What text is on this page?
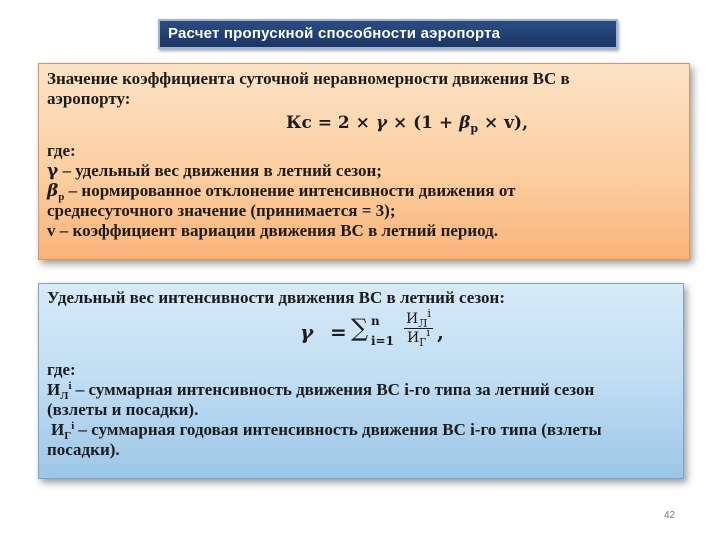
Расчет пропускной способности аэропорта
Значение коэффициента суточной неравномерности движения ВС в
аэропорту:
Кс = $2 \times \gamma \times (1 + \beta_p \times v)$,
где:
γ – удельный вес движения в летний сезон;
$\beta_p$ – нормированное отклонение интенсивности движения от
среднесуточного значение (принимается = 3);
v – коэффициент вариации движения ВС в летний период.
Удельный вес интенсивности движения ВС в летний сезон:
γ = ∑ n
i=1
$И_Л^i$
$И_Г^i$ ,
где:
$И_Л^i$ – суммарная интенсивность движения ВС i-го типа за летний сезон
(взлеты и посадки).
$И_Г^i$ – суммарная годовая интенсивность движения ВС i-го типа (взлеты
посадки).
42
